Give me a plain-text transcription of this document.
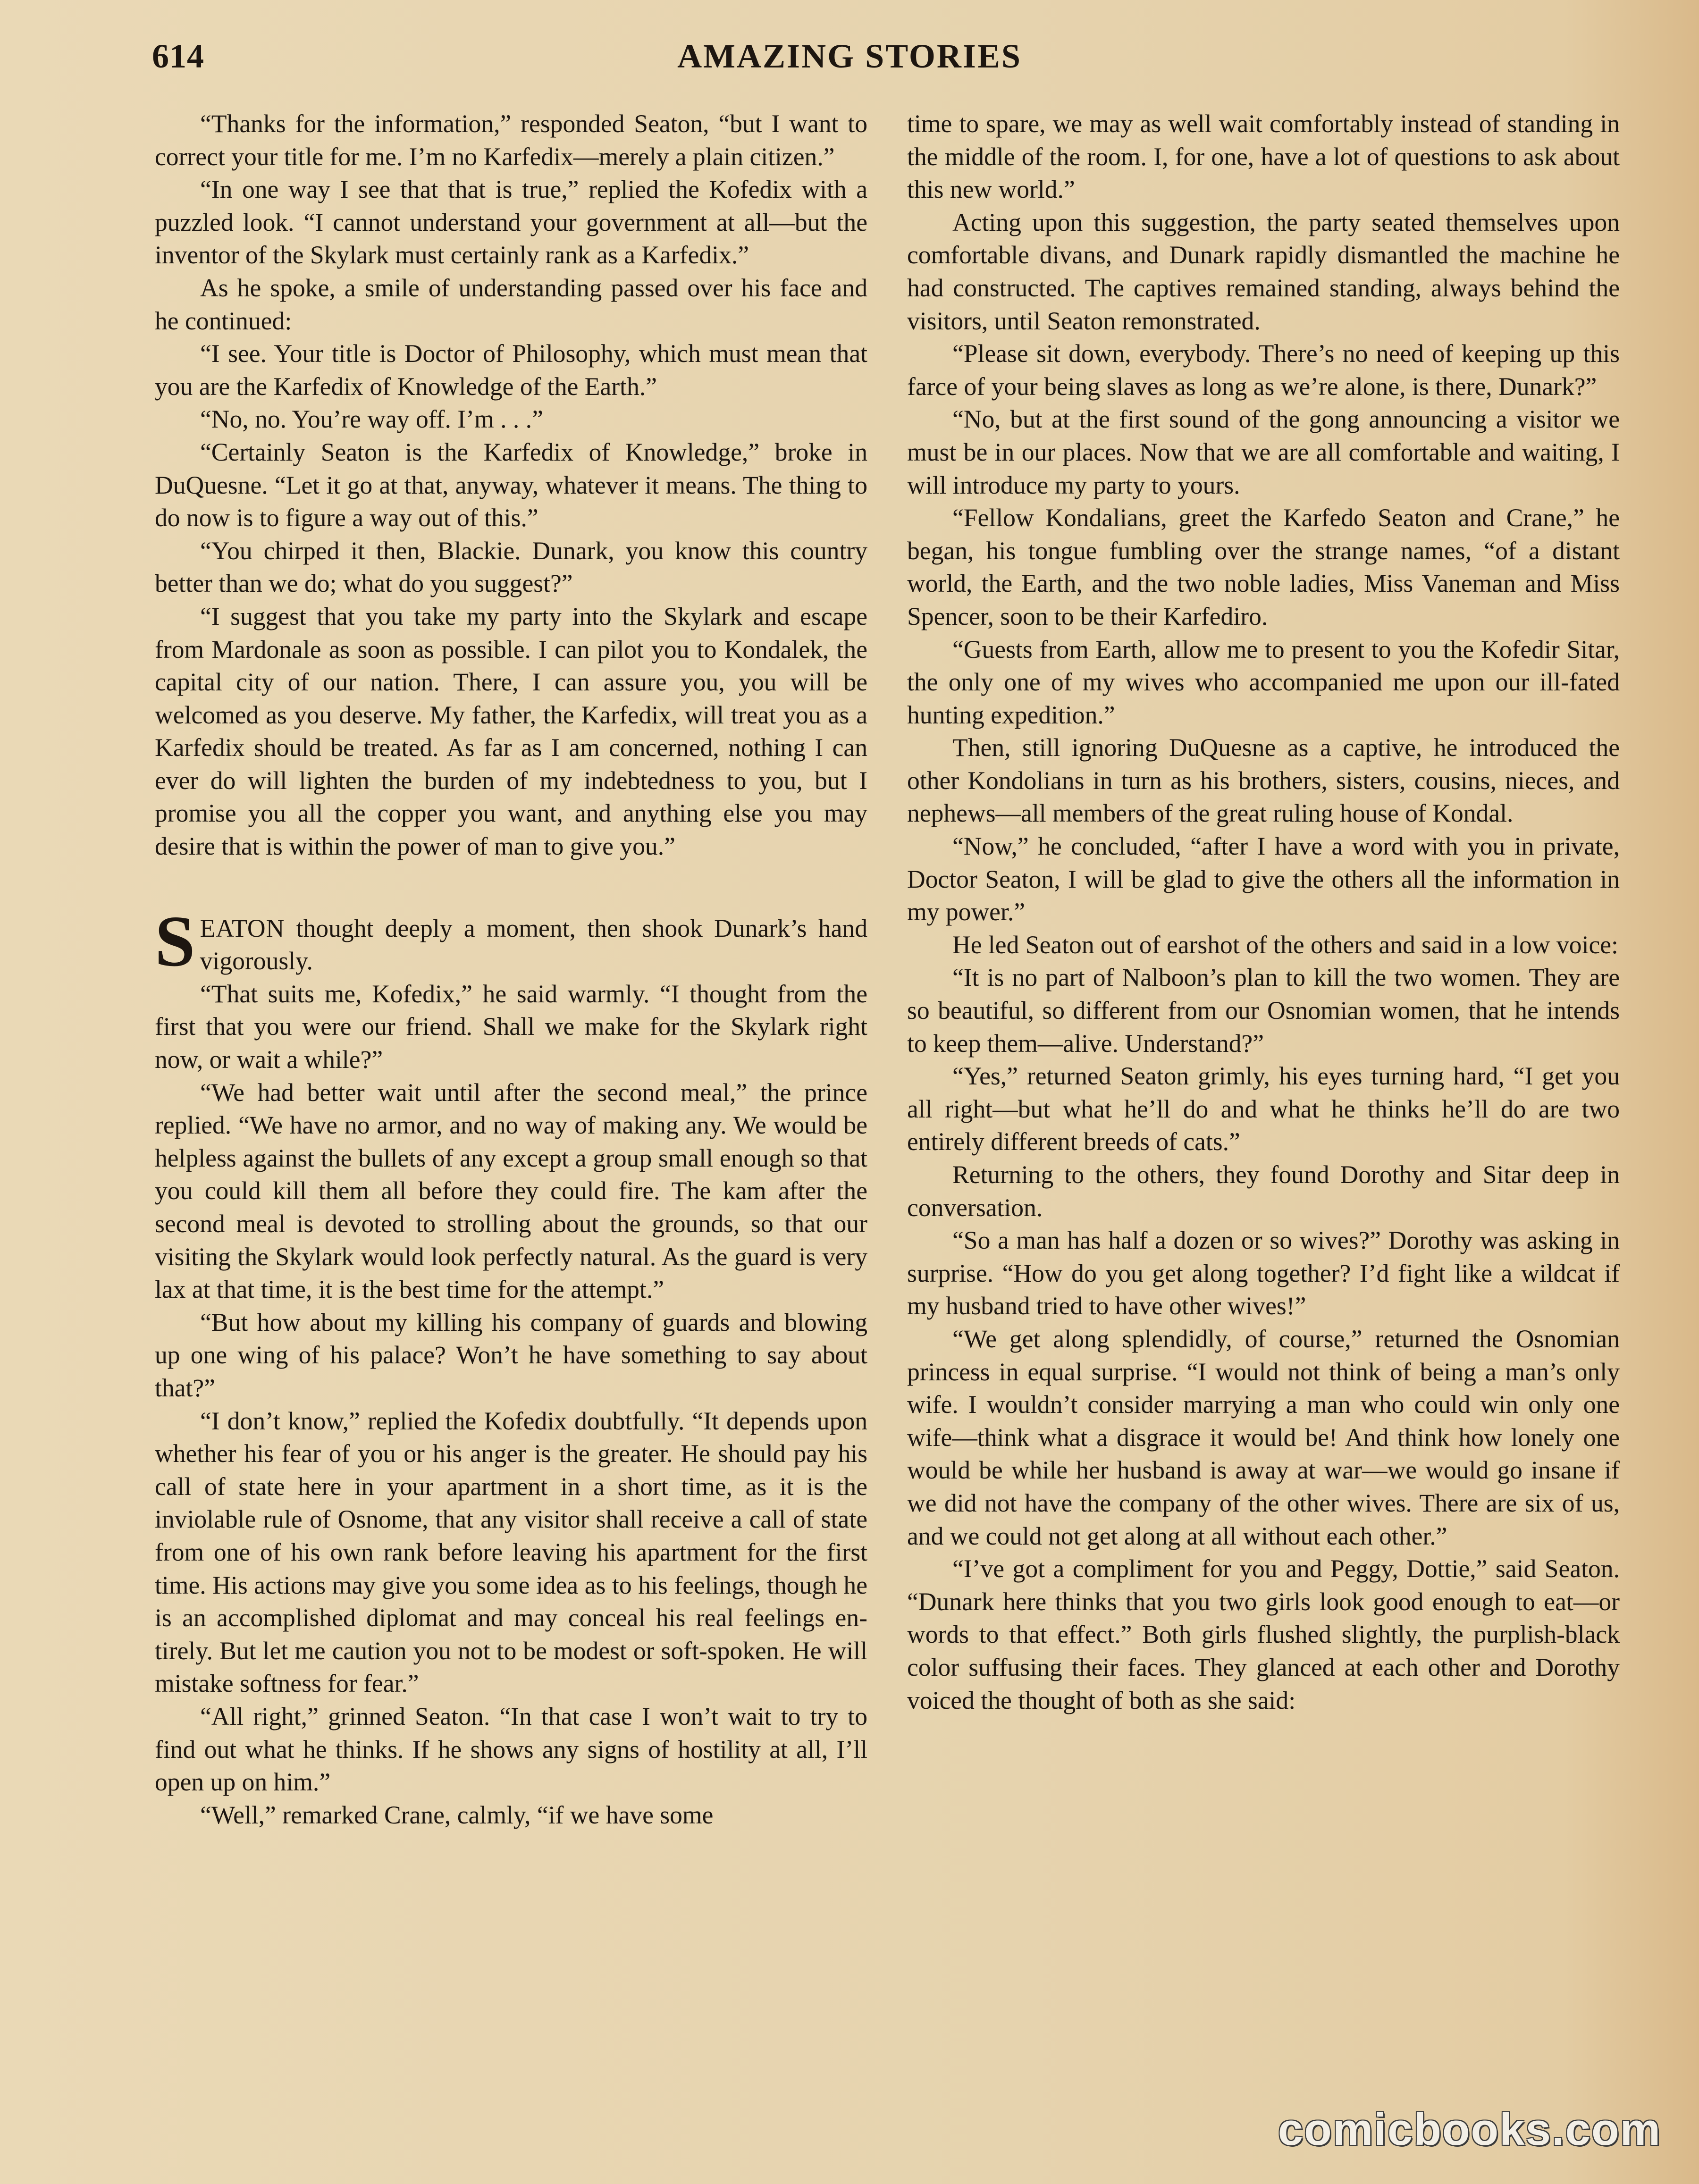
614	AMAZING STORIES

“Thanks for the information,” responded Seaton, “but I want to correct your title for me. I’m no Karfedix—merely a plain citizen.”

“In one way I see that that is true,” replied the Kofedix with a puzzled look. “I cannot understand your government at all—but the inventor of the Skylark must certainly rank as a Karfedix.”

As he spoke, a smile of understanding passed over his face and he continued:

“I see. Your title is Doctor of Philosophy, which must mean that you are the Karfedix of Knowledge of the Earth.”

“No, no. You’re way off. I’m . . .”

“Certainly Seaton is the Karfedix of Knowledge,” broke in DuQuesne. “Let it go at that, anyway, whatever it means. The thing to do now is to figure a way out of this.”

“You chirped it then, Blackie. Dunark, you know this country better than we do; what do you suggest?”

“I suggest that you take my party into the Skylark and escape from Mardonale as soon as possible. I can pilot you to Kondalek, the capital city of our nation. There, I can assure you, you will be welcomed as you deserve. My father, the Karfedix, will treat you as a Karfedix should be treated. As far as I am concerned, nothing I can ever do will lighten the burden of my indebtedness to you, but I promise you all the copper you want, and anything else you may desire that is within the power of man to give you.”

SEATON thought deeply a moment, then shook Dunark’s hand vigorously.

“That suits me, Kofedix,” he said warmly. “I thought from the first that you were our friend. Shall we make for the Skylark right now, or wait a while?”

“We had better wait until after the second meal,” the prince replied. “We have no armor, and no way of making any. We would be helpless against the bullets of any except a group small enough so that you could kill them all before they could fire. The kam after the second meal is devoted to strolling about the grounds, so that our visiting the Skylark would look perfectly natural. As the guard is very lax at that time, it is the best time for the attempt.”

“But how about my killing his company of guards and blowing up one wing of his palace? Won’t he have something to say about that?”

“I don’t know,” replied the Kofedix doubtfully. “It depends upon whether his fear of you or his anger is the greater. He should pay his call of state here in your apartment in a short time, as it is the inviolable rule of Osnome, that any visitor shall receive a call of state from one of his own rank before leaving his apartment for the first time. His actions may give you some idea as to his feelings, though he is an accomplished diplomat and may conceal his real feelings entirely. But let me caution you not to be modest or soft-spoken. He will mistake softness for fear.”

“All right,” grinned Seaton. “In that case I won’t wait to try to find out what he thinks. If he shows any signs of hostility at all, I’ll open up on him.”

“Well,” remarked Crane, calmly, “if we have some

time to spare, we may as well wait comfortably instead of standing in the middle of the room. I, for one, have a lot of questions to ask about this new world.”

Acting upon this suggestion, the party seated themselves upon comfortable divans, and Dunark rapidly dismantled the machine he had constructed. The captives remained standing, always behind the visitors, until Seaton remonstrated.

“Please sit down, everybody. There’s no need of keeping up this farce of your being slaves as long as we’re alone, is there, Dunark?”

“No, but at the first sound of the gong announcing a visitor we must be in our places. Now that we are all comfortable and waiting, I will introduce my party to yours.

“Fellow Kondalians, greet the Karfedo Seaton and Crane,” he began, his tongue fumbling over the strange names, “of a distant world, the Earth, and the two noble ladies, Miss Vaneman and Miss Spencer, soon to be their Karfediro.

“Guests from Earth, allow me to present to you the Kofedir Sitar, the only one of my wives who accompanied me upon our ill-fated hunting expedition.”

Then, still ignoring DuQuesne as a captive, he introduced the other Kondolians in turn as his brothers, sisters, cousins, nieces, and nephews—all members of the great ruling house of Kondal.

“Now,” he concluded, “after I have a word with you in private, Doctor Seaton, I will be glad to give the others all the information in my power.”

He led Seaton out of earshot of the others and said in a low voice:

“It is no part of Nalboon’s plan to kill the two women. They are so beautiful, so different from our Osnomian women, that he intends to keep them—alive. Understand?”

“Yes,” returned Seaton grimly, his eyes turning hard, “I get you all right—but what he’ll do and what he thinks he’ll do are two entirely different breeds of cats.”

Returning to the others, they found Dorothy and Sitar deep in conversation.

“So a man has half a dozen or so wives?” Dorothy was asking in surprise. “How do you get along together? I’d fight like a wildcat if my husband tried to have other wives!”

“We get along splendidly, of course,” returned the Osnomian princess in equal surprise. “I would not think of being a man’s only wife. I wouldn’t consider marrying a man who could win only one wife—think what a disgrace it would be! And think how lonely one would be while her husband is away at war—we would go insane if we did not have the company of the other wives. There are six of us, and we could not get along at all without each other.”

“I’ve got a compliment for you and Peggy, Dottie,” said Seaton. “Dunark here thinks that you two girls look good enough to eat—or words to that effect.” Both girls flushed slightly, the purplish-black color suffusing their faces. They glanced at each other and Dorothy voiced the thought of both as she said:

comicbooks.com
